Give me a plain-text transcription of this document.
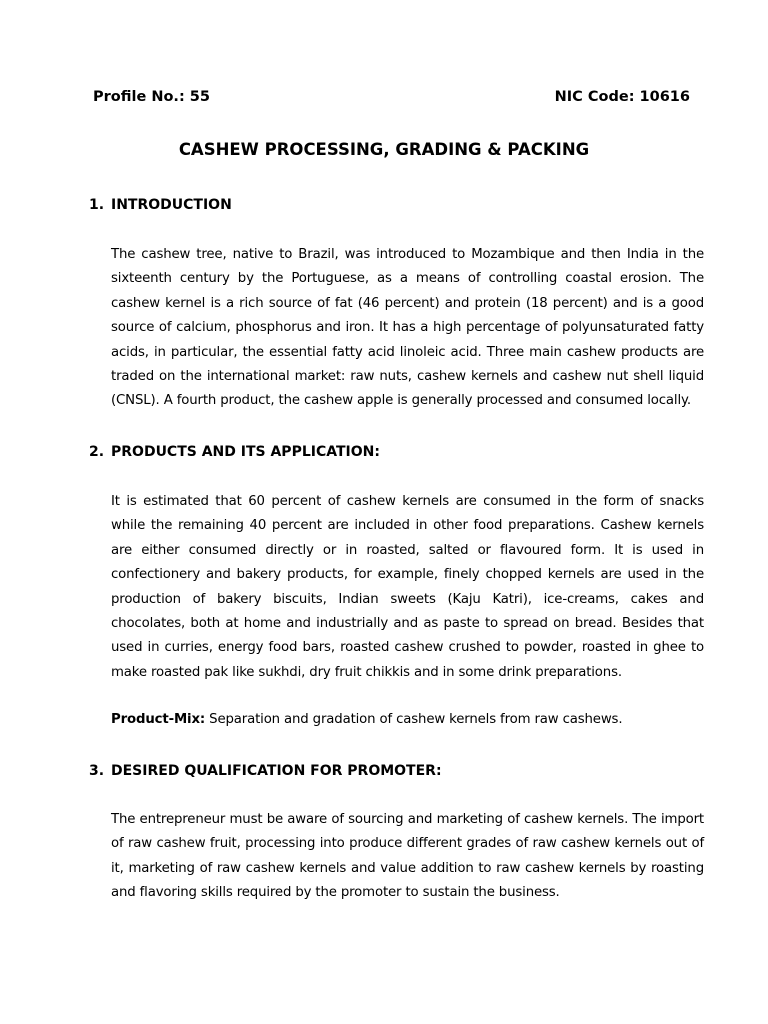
Profile No.: 55	NIC Code: 10616
CASHEW PROCESSING, GRADING & PACKING
1. INTRODUCTION

The cashew tree, native to Brazil, was introduced to Mozambique and then India in the sixteenth century by the Portuguese, as a means of controlling coastal erosion. The cashew kernel is a rich source of fat (46 percent) and protein (18 percent) and is a good source of calcium, phosphorus and iron. It has a high percentage of polyunsaturated fatty acids, in particular, the essential fatty acid linoleic acid. Three main cashew products are traded on the international market: raw nuts, cashew kernels and cashew nut shell liquid (CNSL). A fourth product, the cashew apple is generally processed and consumed locally.

2. PRODUCTS AND ITS APPLICATION:

It is estimated that 60 percent of cashew kernels are consumed in the form of snacks while the remaining 40 percent are included in other food preparations. Cashew kernels are either consumed directly or in roasted, salted or flavoured form. It is used in confectionery and bakery products, for example, finely chopped kernels are used in the production of bakery biscuits, Indian sweets (Kaju Katri), ice-creams, cakes and chocolates, both at home and industrially and as paste to spread on bread. Besides that used in curries, energy food bars, roasted cashew crushed to powder, roasted in ghee to make roasted pak like sukhdi, dry fruit chikkis and in some drink preparations.

Product-Mix: Separation and gradation of cashew kernels from raw cashews.

3. DESIRED QUALIFICATION FOR PROMOTER:

The entrepreneur must be aware of sourcing and marketing of cashew kernels. The import of raw cashew fruit, processing into produce different grades of raw cashew kernels out of it, marketing of raw cashew kernels and value addition to raw cashew kernels by roasting and flavoring skills required by the promoter to sustain the business.
